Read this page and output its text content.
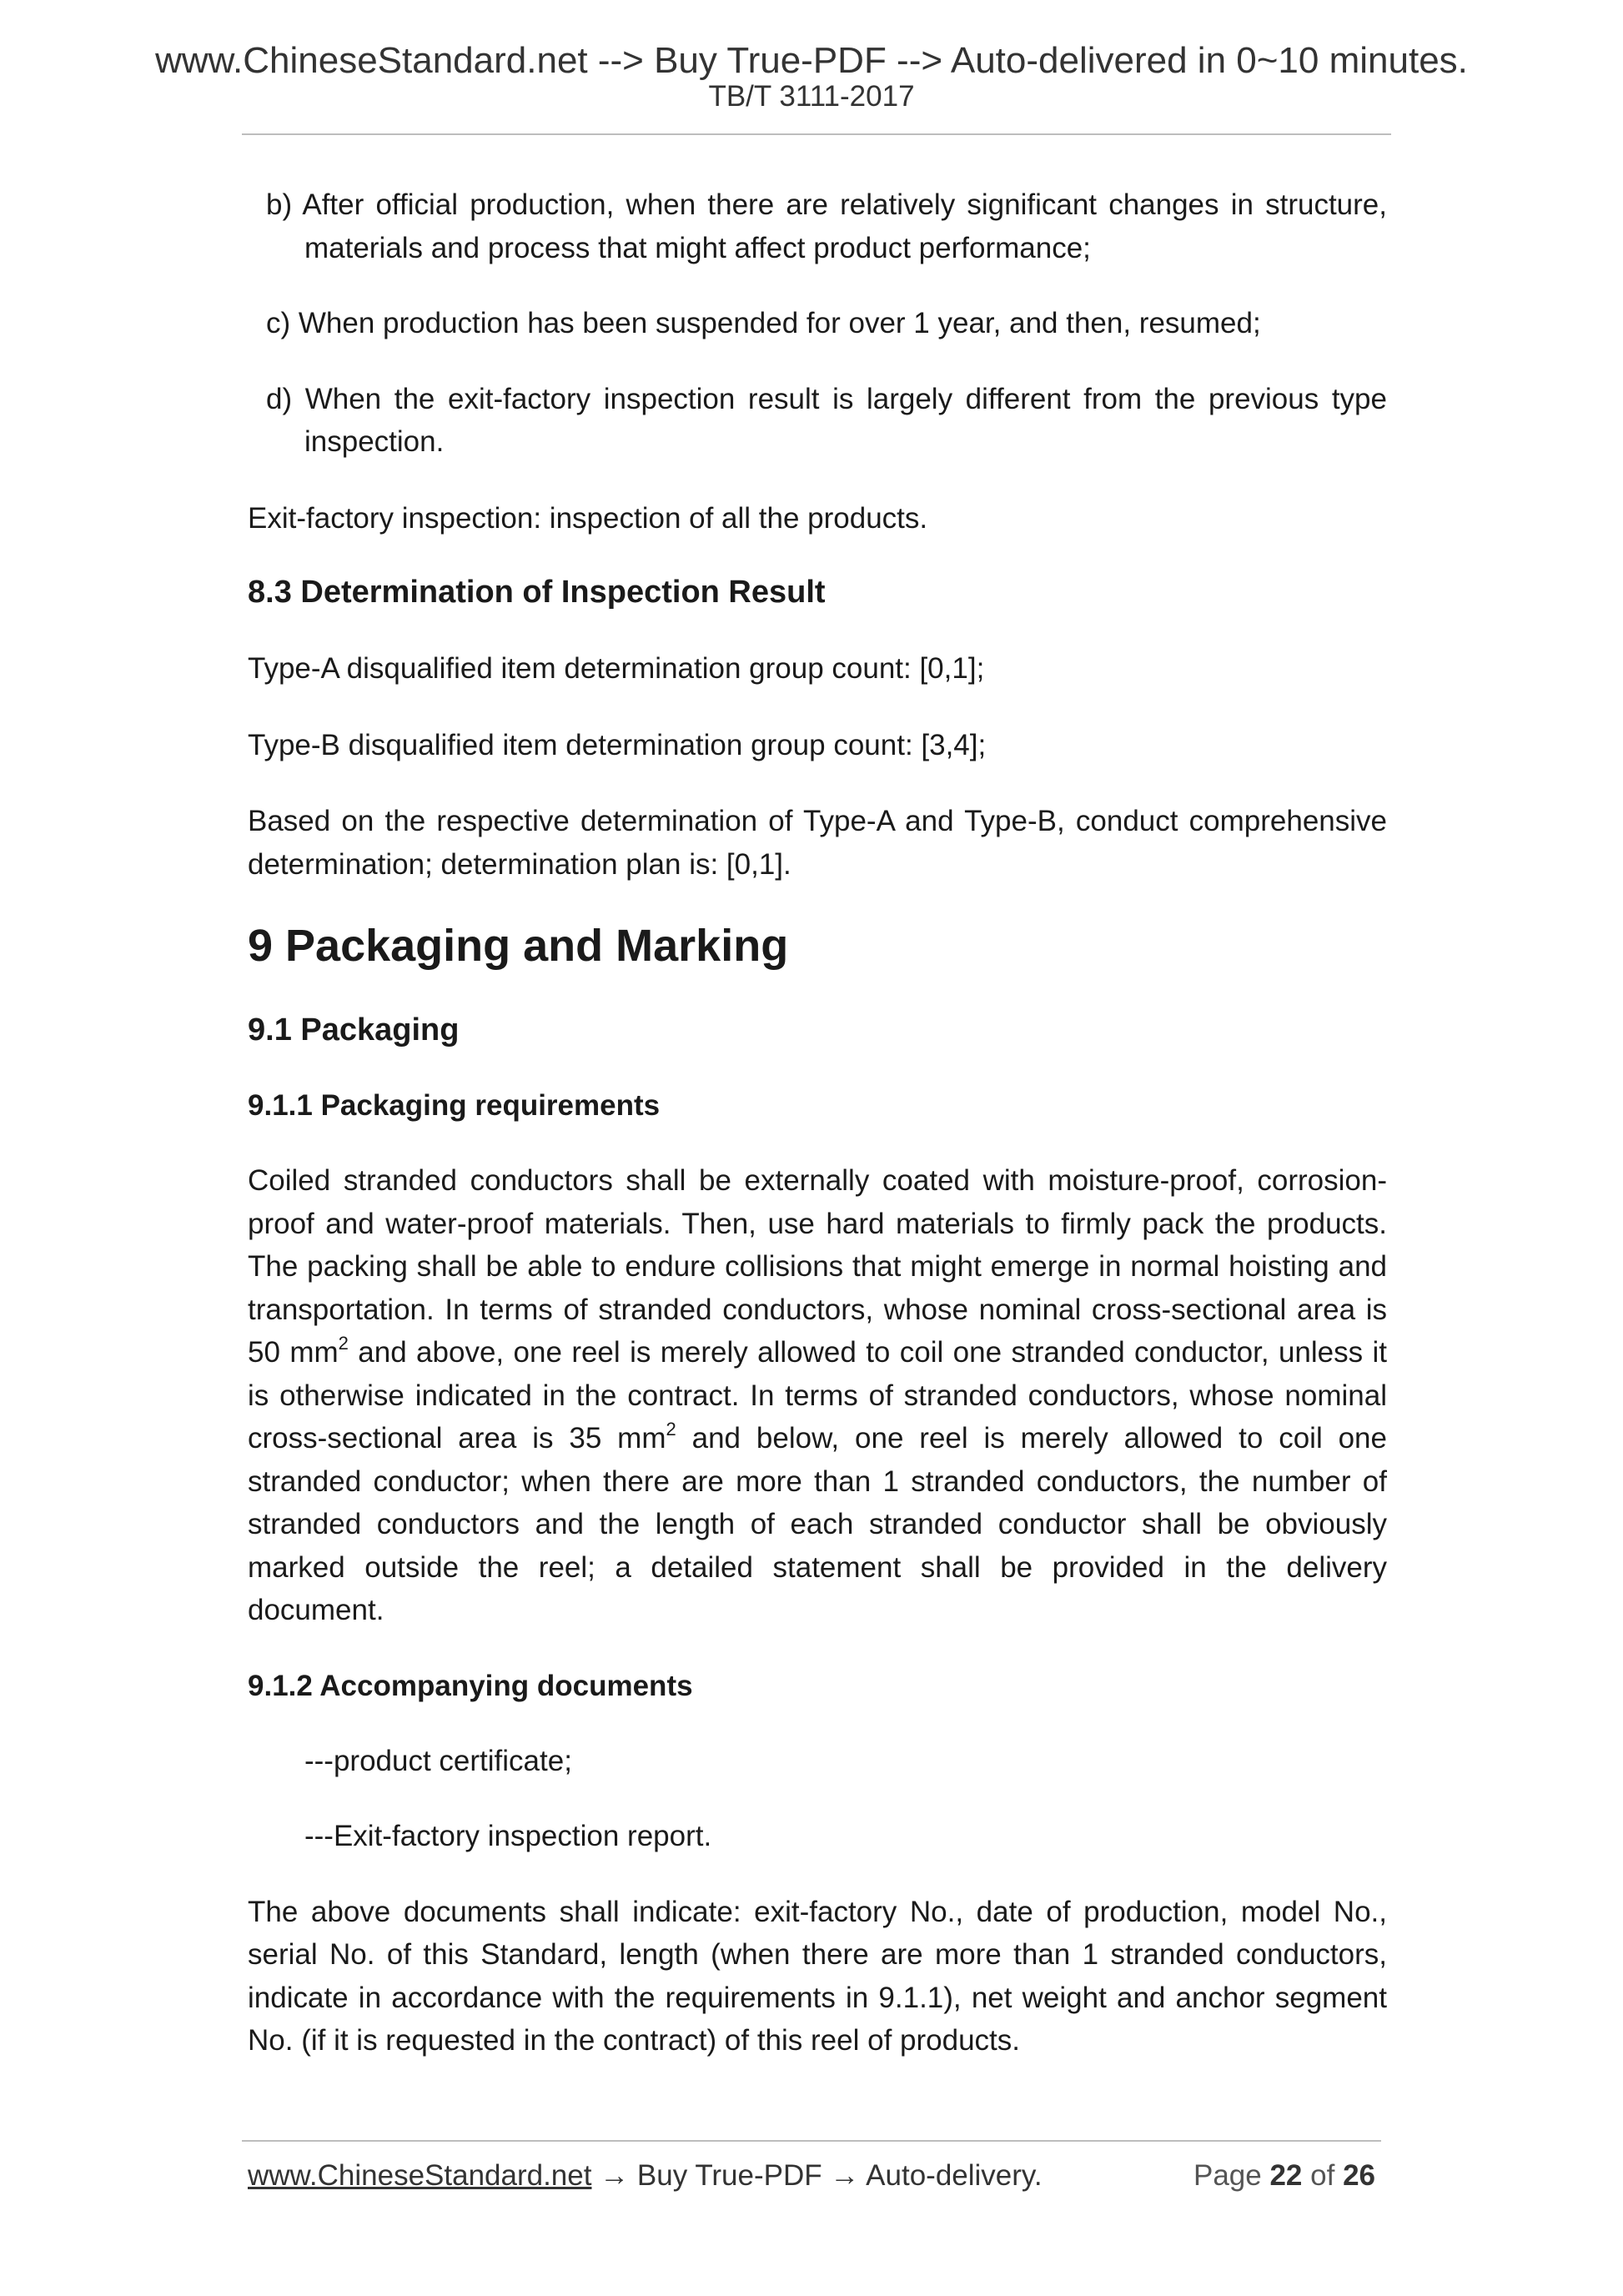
www.ChineseStandard.net --> Buy True-PDF --> Auto-delivered in 0~10 minutes.
TB/T 3111-2017

b) After official production, when there are relatively significant changes in structure, materials and process that might affect product performance;

c) When production has been suspended for over 1 year, and then, resumed;

d) When the exit-factory inspection result is largely different from the previous type inspection.

Exit-factory inspection: inspection of all the products.

8.3 Determination of Inspection Result

Type-A disqualified item determination group count: [0,1];

Type-B disqualified item determination group count: [3,4];

Based on the respective determination of Type-A and Type-B, conduct comprehensive determination; determination plan is: [0,1].

9 Packaging and Marking
9.1 Packaging
9.1.1 Packaging requirements

Coiled stranded conductors shall be externally coated with moisture-proof, corrosion-proof and water-proof materials. Then, use hard materials to firmly pack the products. The packing shall be able to endure collisions that might emerge in normal hoisting and transportation. In terms of stranded conductors, whose nominal cross-sectional area is 50 $mm^2$ and above, one reel is merely allowed to coil one stranded conductor, unless it is otherwise indicated in the contract. In terms of stranded conductors, whose nominal cross-sectional area is 35 $mm^2$ and below, one reel is merely allowed to coil one stranded conductor; when there are more than 1 stranded conductors, the number of stranded conductors and the length of each stranded conductor shall be obviously marked outside the reel; a detailed statement shall be provided in the delivery document.

9.1.2 Accompanying documents

---product certificate;

---Exit-factory inspection report.

The above documents shall indicate: exit-factory No., date of production, model No., serial No. of this Standard, length (when there are more than 1 stranded conductors, indicate in accordance with the requirements in 9.1.1), net weight and anchor segment No. (if it is requested in the contract) of this reel of products.

www.ChineseStandard.net → Buy True-PDF → Auto-delivery.	Page 22 of 26
